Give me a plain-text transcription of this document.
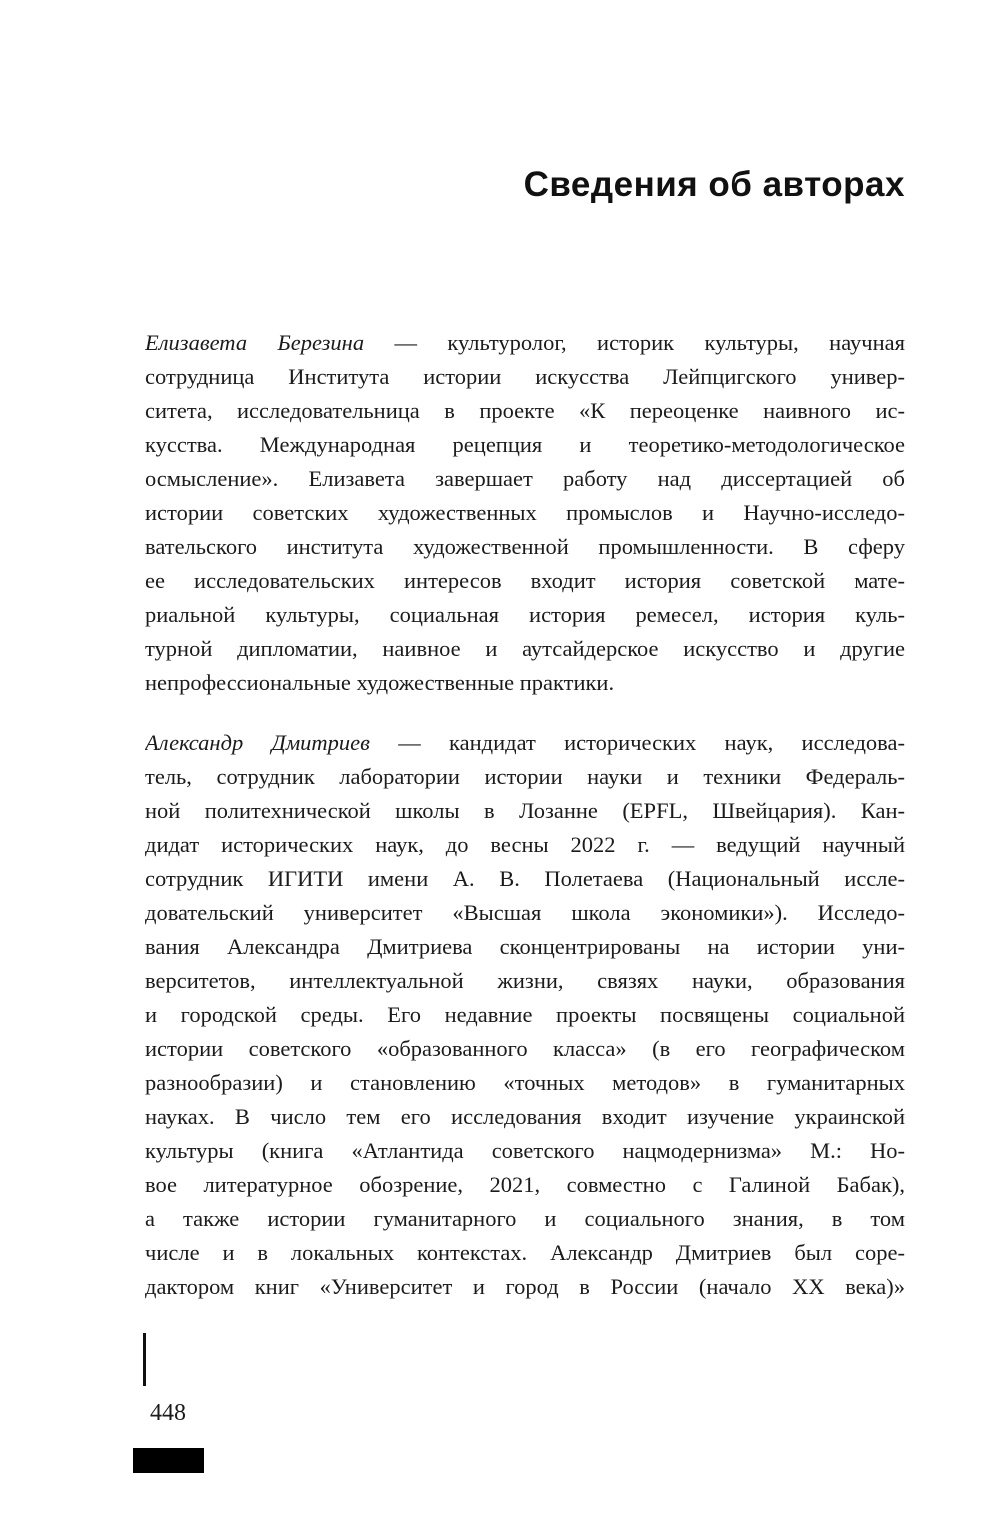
Сведения об авторах
Елизавета Березина — культуролог, историк культуры, научная
сотрудница Института истории искусства Лейпцигского универ-
ситета, исследовательница в проекте «К переоценке наивного ис-
кусства. Международная рецепция и теоретико-методологическое
осмысление». Елизавета завершает работу над диссертацией об
истории советских художественных промыслов и Научно-исследо-
вательского института художественной промышленности. В сферу
ее исследовательских интересов входит история советской мате-
риальной культуры, социальная история ремесел, история куль-
турной дипломатии, наивное и аутсайдерское искусство и другие
непрофессиональные художественные практики.
Александр Дмитриев — кандидат исторических наук, исследова-
тель, сотрудник лаборатории истории науки и техники Федераль-
ной политехнической школы в Лозанне (EPFL, Швейцария). Кан-
дидат исторических наук, до весны 2022 г. — ведущий научный
сотрудник ИГИТИ имени А. В. Полетаева (Национальный иссле-
довательский университет «Высшая школа экономики»). Исследо-
вания Александра Дмитриева сконцентрированы на истории уни-
верситетов, интеллектуальной жизни, связях науки, образования
и городской среды. Его недавние проекты посвящены социальной
истории советского «образованного класса» (в его географическом
разнообразии) и становлению «точных методов» в гуманитарных
науках. В число тем его исследования входит изучение украинской
культуры (книга «Атлантида советского нацмодернизма» М.: Но-
вое литературное обозрение, 2021, совместно с Галиной Бабак),
а также истории гуманитарного и социального знания, в том
числе и в локальных контекстах. Александр Дмитриев был соре-
дактором книг «Университет и город в России (начало XX века)»
448
